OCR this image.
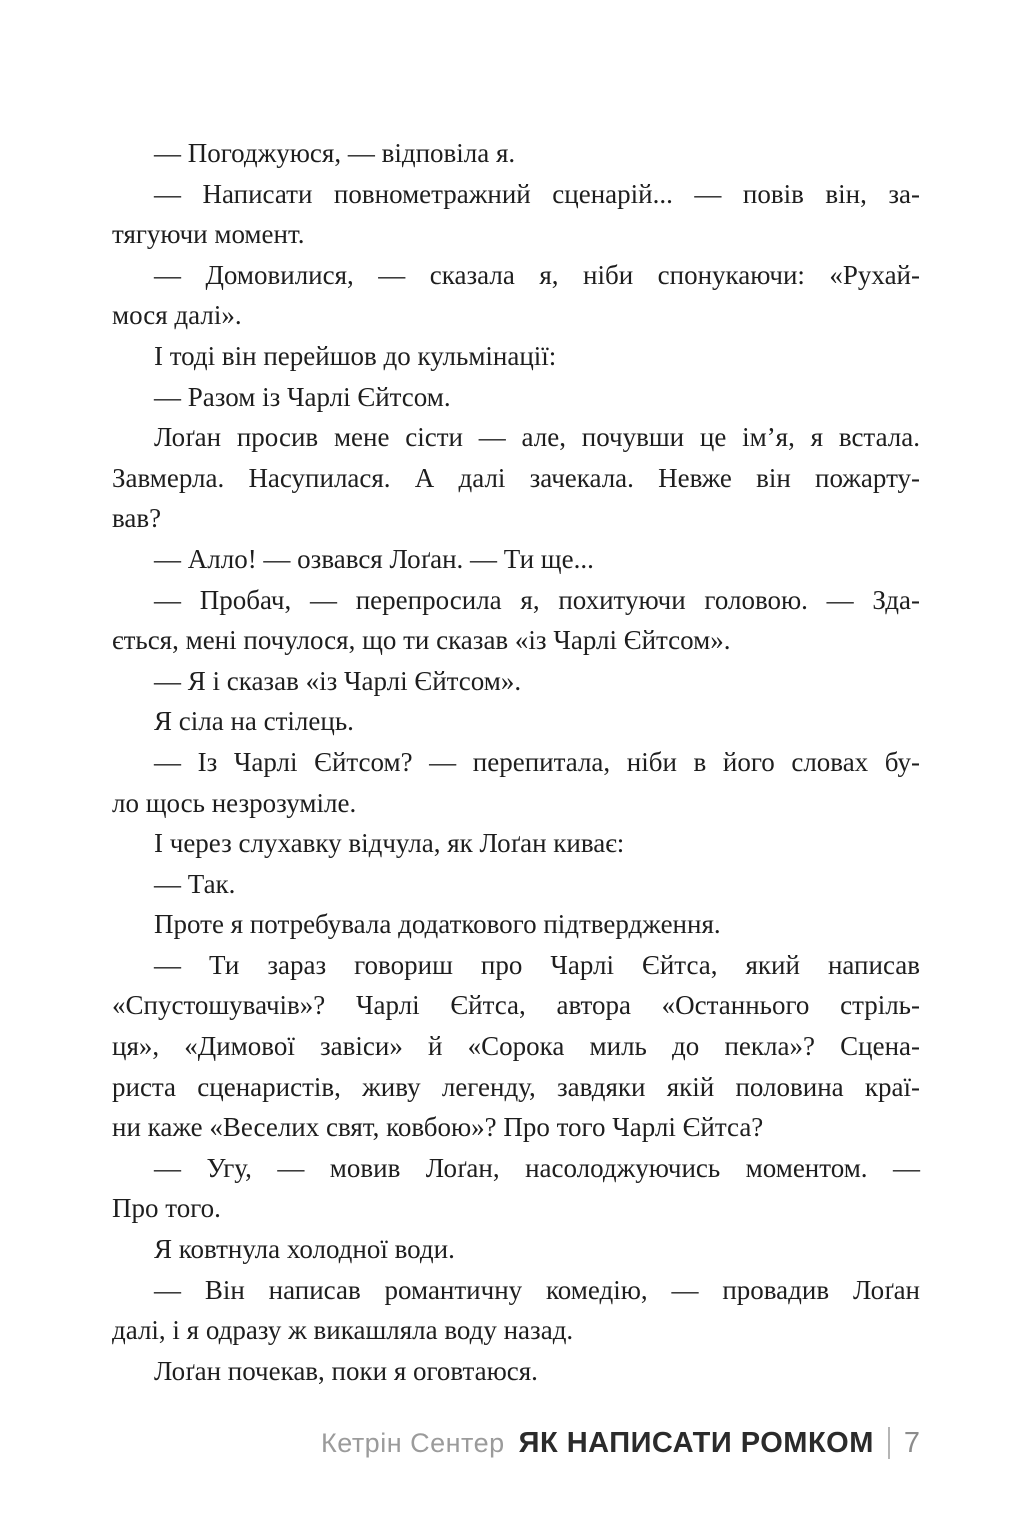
— Погоджуюся, — відповіла я.
— Написати повнометражний сценарій... — повів він, за-
тягуючи момент.
— Домовилися, — сказала я, ніби спонукаючи: «Рухай-
мося далі».
І тоді він перейшов до кульмінації:
— Разом із Чарлі Єйтсом.
Лоґан просив мене сісти — але, почувши це ім’я, я встала.
Завмерла. Насупилася. А далі зачекала. Невже він пожарту-
вав?
— Алло! — озвався Лоґан. — Ти ще...
— Пробач, — перепросила я, похитуючи головою. — Зда-
ється, мені почулося, що ти сказав «із Чарлі Єйтсом».
— Я і сказав «із Чарлі Єйтсом».
Я сіла на стілець.
— Із Чарлі Єйтсом? — перепитала, ніби в його словах бу-
ло щось незрозуміле.
І через слухавку відчула, як Лоґан киває:
— Так.
Проте я потребувала додаткового підтвердження.
— Ти зараз говориш про Чарлі Єйтса, який написав
«Спустошувачів»? Чарлі Єйтса, автора «Останнього стріль-
ця», «Димової завіси» й «Сорока миль до пекла»? Сцена-
риста сценаристів, живу легенду, завдяки якій половина краї-
ни каже «Веселих свят, ковбою»? Про того Чарлі Єйтса?
— Угу, — мовив Лоґан, насолоджуючись моментом. —
Про того.
Я ковтнула холодної води.
— Він написав романтичну комедію, — провадив Лоґан
далі, і я одразу ж викашляла воду назад.
Лоґан почекав, поки я оговтаюся.
Кетрін Сентер ЯК НАПИСАТИ РОМКОМ 7
